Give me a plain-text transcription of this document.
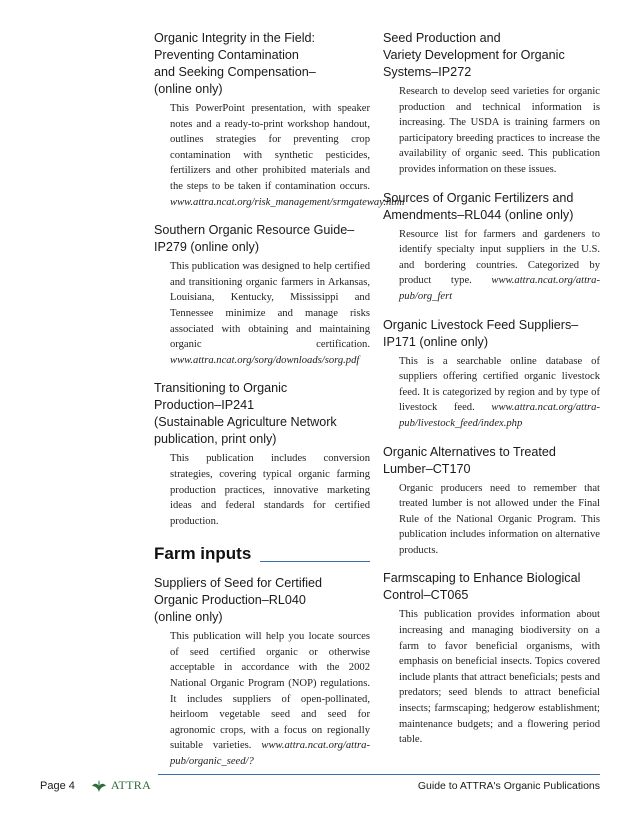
Organic Integrity in the Field:
Preventing Contamination
and Seeking Compensation–
(online only)
This PowerPoint presentation, with speaker notes and a ready-to-print workshop handout, outlines strategies for preventing crop contamination with synthetic pesticides, fertilizers and other prohibited materials and the steps to be taken if contamination occurs. www.attra.ncat.org/risk_management/srmgateway.html
Southern Organic Resource Guide–
IP279 (online only)
This publication was designed to help certified and transitioning organic farmers in Arkansas, Louisiana, Kentucky, Mississippi and Tennessee minimize and manage risks associated with obtaining and maintaining organic certification. www.attra.ncat.org/sorg/downloads/sorg.pdf
Transitioning to Organic
Production–IP241
(Sustainable Agriculture Network
publication, print only)
This publication includes conversion strategies, covering typical organic farming production practices, innovative marketing ideas and federal standards for certified production.
Farm inputs
Suppliers of Seed for Certified
Organic Production–RL040
(online only)
This publication will help you locate sources of seed certified organic or otherwise acceptable in accordance with the 2002 National Organic Program (NOP) regulations. It includes suppliers of open-pollinated, heirloom vegetable seed and seed for agronomic crops, with a focus on regionally suitable varieties. www.attra.ncat.org/attra-pub/organic_seed/?
Seed Production and
Variety Development for Organic
Systems–IP272
Research to develop seed varieties for organic production and technical information is increasing. The USDA is training farmers on participatory breeding practices to increase the availability of organic seed. This publication provides information on these issues.
Sources of Organic Fertilizers and
Amendments–RL044 (online only)
Resource list for farmers and gardeners to identify specialty input suppliers in the U.S. and bordering countries. Categorized by product type. www.attra.ncat.org/attra-pub/org_fert
Organic Livestock Feed Suppliers–
IP171 (online only)
This is a searchable online database of suppliers offering certified organic livestock feed. It is categorized by region and by type of livestock feed. www.attra.ncat.org/attra-pub/livestock_feed/index.php
Organic Alternatives to Treated
Lumber–CT170
Organic producers need to remember that treated lumber is not allowed under the Final Rule of the National Organic Program. This publication includes information on alternative products.
Farmscaping to Enhance Biological
Control–CT065
This publication provides information about increasing and managing biodiversity on a farm to favor beneficial organisms, with emphasis on beneficial insects. Topics covered include plants that attract beneficials; pests and predators; seed blends to attract beneficial insects; farmscaping; hedgerow establishment; maintenance budgets; and a flowering period table.
Page 4	ATTRA	Guide to ATTRA's Organic Publications
